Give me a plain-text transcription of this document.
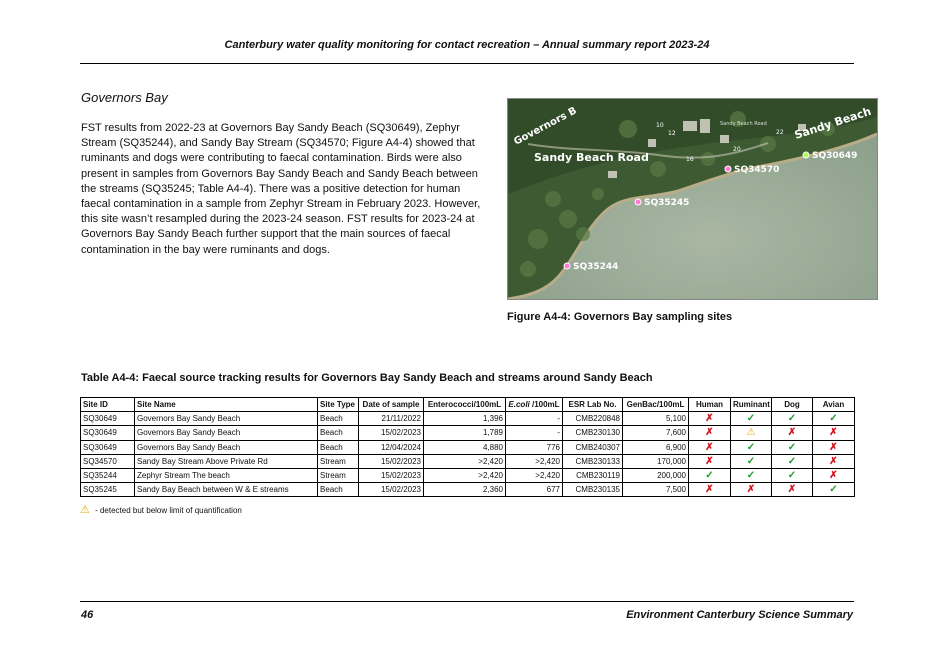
Canterbury water quality monitoring for contact recreation – Annual summary report 2023-24
Governors Bay

FST results from 2022-23 at Governors Bay Sandy Beach (SQ30649), Zephyr Stream (SQ35244), and Sandy Bay Stream (SQ34570; Figure A4-4) showed that ruminants and dogs were contributing to faecal contamination. Birds were also present in samples from Governors Bay Sandy Beach and Sandy Beach between the streams (SQ35245; Table A4-4). There was a positive detection for human faecal contamination in a sample from Zephyr Stream in February 2023. However, this site wasn’t resampled during the 2023-24 season. FST results for 2023-24 at Governors Bay Sandy Beach further support that the main sources of faecal contamination in the bay were ruminants and dogs.

Governors B
Sandy Beach Road
Sandy Beach
Sandy Beach Road
10
12
16
22
20
SQ30649
SQ34570
SQ35245
SQ35244
Figure A4-4: Governors Bay sampling sites
Table A4-4: Faecal source tracking results for Governors Bay Sandy Beach and streams around Sandy Beach
Site ID	Site Name	Site Type	Date of sample	Enterococci/100mL	E.coli /100mL	ESR Lab No.	GenBac/100mL	Human	Ruminant	Dog	Avian
SQ30649	Governors Bay Sandy Beach	Beach	21/11/2022	1,396	-	CMB220848	5,100	✗	✓	✓	✓
SQ30649	Governors Bay Sandy Beach	Beach	15/02/2023	1,789	-	CMB230130	7,600	✗	⚠	✗	✗
SQ30649	Governors Bay Sandy Beach	Beach	12/04/2024	4,880	776	CMB240307	6,900	✗	✓	✓	✗
SQ34570	Sandy Bay Stream Above Private Rd	Stream	15/02/2023	>2,420	>2,420	CMB230133	170,000	✗	✓	✓	✗
SQ35244	Zephyr Stream The beach	Stream	15/02/2023	>2,420	>2,420	CMB230119	200,000	✓	✓	✓	✗
SQ35245	Sandy Bay Beach between W & E streams	Beach	15/02/2023	2,360	677	CMB230135	7,500	✗	✗	✗	✓
⚠ - detected but below limit of quantification
46	Environment Canterbury Science Summary
